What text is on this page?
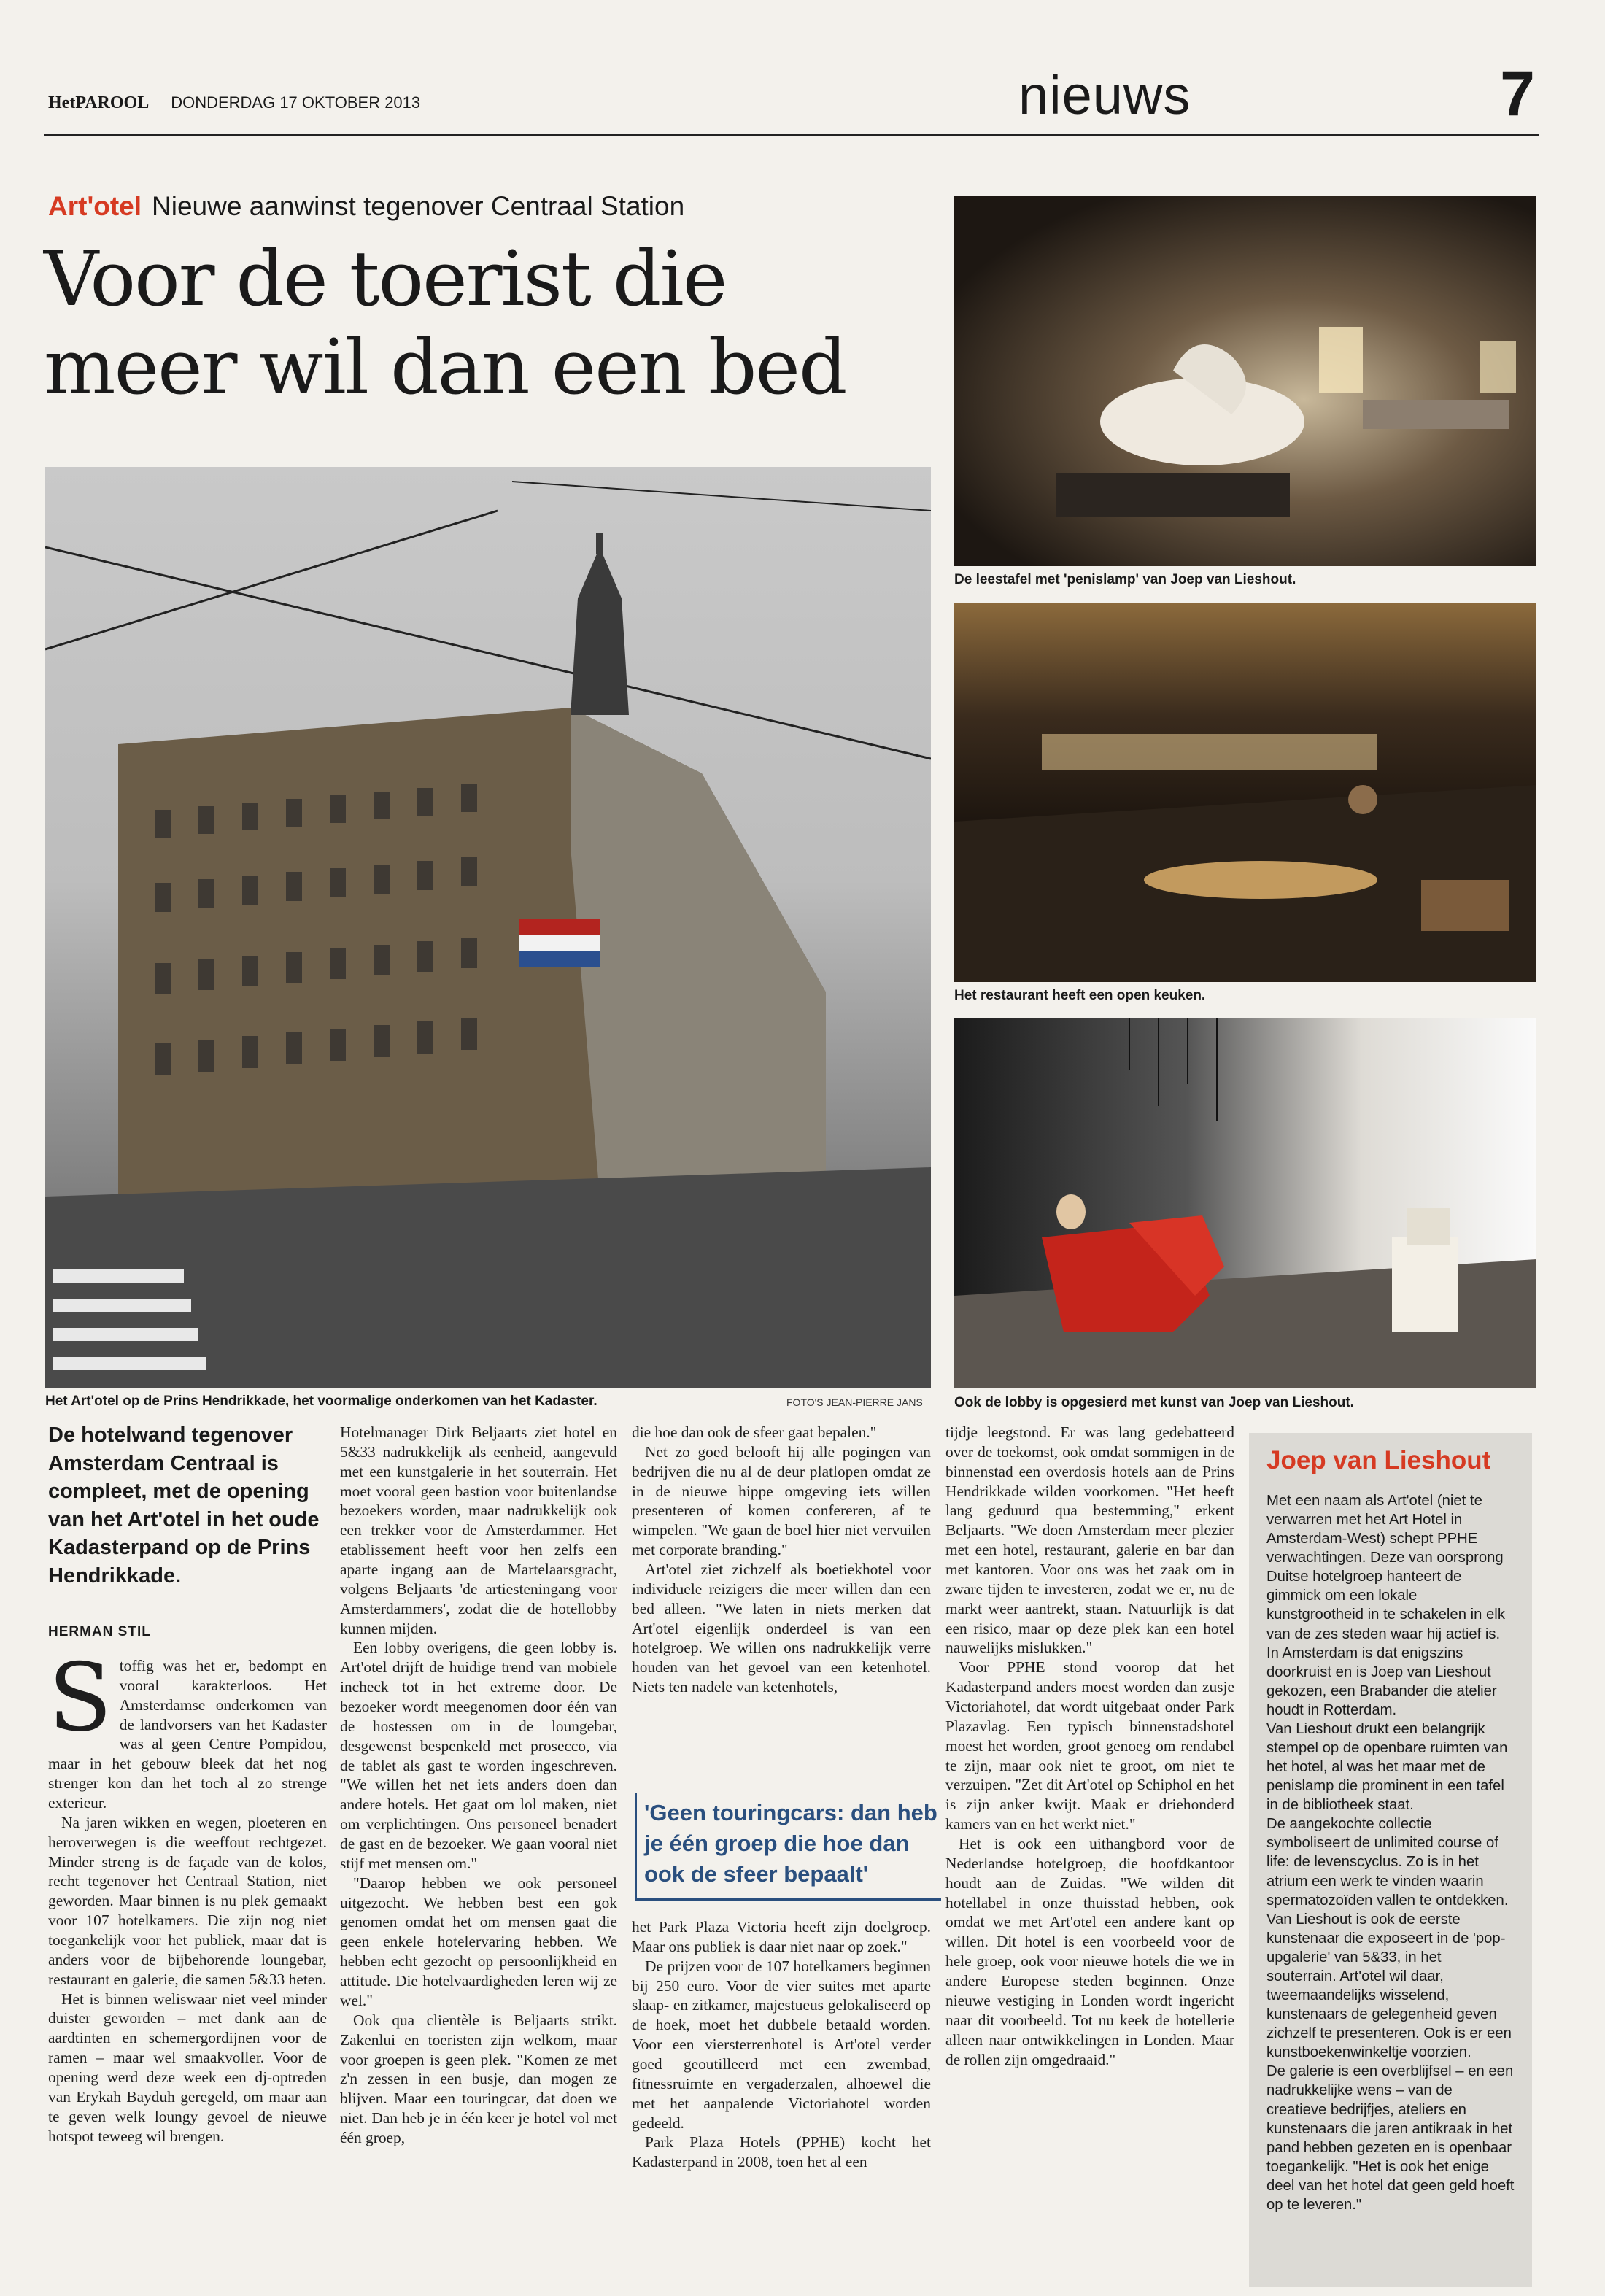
HetPAROOL DONDERDAG 17 OKTOBER 2013	nieuws	7
Art'otel Nieuwe aanwinst tegenover Centraal Station
Voor de toerist die
meer wil dan een bed
Het Art'otel op de Prins Hendrikkade, het voormalige onderkomen van het Kadaster.	FOTO'S JEAN-PIERRE JANS
De leestafel met 'penislamp' van Joep van Lieshout.
Het restaurant heeft een open keuken.
Ook de lobby is opgesierd met kunst van Joep van Lieshout.
De hotelwand tegenover Amsterdam Centraal is compleet, met de opening van het Art'otel in het oude Kadasterpand op de Prins Hendrikkade.
HERMAN STIL

Stoffig was het er, bedompt en vooral karakterloos. Het Amsterdamse onderkomen van de landvorsers van het Kadaster was al geen Centre Pompidou, maar in het gebouw bleek dat het nog strenger kon dan het toch al zo strenge exterieur.

Na jaren wikken en wegen, ploeteren en heroverwegen is die weeffout rechtgezet. Minder streng is de façade van de kolos, recht tegenover het Centraal Station, niet geworden. Maar binnen is nu plek gemaakt voor 107 hotelkamers. Die zijn nog niet toegankelijk voor het publiek, maar dat is anders voor de bijbehorende loungebar, restaurant en galerie, die samen 5&33 heten.

Het is binnen weliswaar niet veel minder duister geworden – met dank aan de aardtinten en schemergordijnen voor de ramen – maar wel smaakvoller. Voor de opening werd deze week een dj-optreden van Erykah Bayduh geregeld, om maar aan te geven welk loungy gevoel de nieuwe hotspot teweeg wil brengen.

Hotelmanager Dirk Beljaarts ziet hotel en 5&33 nadrukkelijk als eenheid, aangevuld met een kunstgalerie in het souterrain. Het moet vooral geen bastion voor buitenlandse bezoekers worden, maar nadrukkelijk ook een trekker voor de Amsterdammer. Het etablissement heeft voor hen zelfs een aparte ingang aan de Martelaarsgracht, volgens Beljaarts 'de artiesteningang voor Amsterdammers', zodat die de hotellobby kunnen mijden.

Een lobby overigens, die geen lobby is. Art'otel drijft de huidige trend van mobiele incheck tot in het extreme door. De bezoeker wordt meegenomen door één van de hostessen om in de loungebar, desgewenst bespenkeld met prosecco, via de tablet als gast te worden ingeschreven. "We willen het net iets anders doen dan andere hotels. Het gaat om lol maken, niet om verplichtingen. Ons personeel benadert de gast en de bezoeker. We gaan vooral niet stijf met mensen om."

"Daarop hebben we ook personeel uitgezocht. We hebben best een gok genomen omdat het om mensen gaat die geen enkele hotelervaring hebben. We hebben echt gezocht op persoonlijkheid en attitude. Die hotelvaardigheden leren wij ze wel."

Ook qua clientèle is Beljaarts strikt. Zakenlui en toeristen zijn welkom, maar voor groepen is geen plek. "Komen ze met z'n zessen in een busje, dan mogen ze blijven. Maar een touringcar, dat doen we niet. Dan heb je in één keer je hotel vol met één groep,

die hoe dan ook de sfeer gaat bepalen."

Net zo goed belooft hij alle pogingen van bedrijven die nu al de deur platlopen omdat ze in de nieuwe hippe omgeving iets willen presenteren of komen confereren, af te wimpelen. "We gaan de boel hier niet vervuilen met corporate branding."

Art'otel ziet zichzelf als boetiekhotel voor individuele reizigers die meer willen dan een bed alleen. "We laten in niets merken dat Art'otel eigenlijk onderdeel is van een hotelgroep. We willen ons nadrukkelijk verre houden van het gevoel van een ketenhotel. Niets ten nadele van ketenhotels,

'Geen touringcars: dan heb je één groep die hoe dan ook de sfeer bepaalt'

het Park Plaza Victoria heeft zijn doelgroep. Maar ons publiek is daar niet naar op zoek."

De prijzen voor de 107 hotelkamers beginnen bij 250 euro. Voor de vier suites met aparte slaap- en zitkamer, majestueus gelokaliseerd op de hoek, moet het dubbele betaald worden. Voor een viersterrenhotel is Art'otel verder goed geoutilleerd met een zwembad, fitnessruimte en vergaderzalen, alhoewel die met het aanpalende Victoriahotel worden gedeeld.

Park Plaza Hotels (PPHE) kocht het Kadasterpand in 2008, toen het al een

tijdje leegstond. Er was lang gedebatteerd over de toekomst, ook omdat sommigen in de binnenstad een overdosis hotels aan de Prins Hendrikkade wilden voorkomen. "Het heeft lang geduurd qua bestemming," erkent Beljaarts. "We doen Amsterdam meer plezier met een hotel, restaurant, galerie en bar dan met kantoren. Voor ons was het zaak om in zware tijden te investeren, zodat we er, nu de markt weer aantrekt, staan. Natuurlijk is dat een risico, maar op deze plek kan een hotel nauwelijks mislukken."

Voor PPHE stond voorop dat het Kadasterpand anders moest worden dan zusje Victoriahotel, dat wordt uitgebaat onder Park Plazavlag. Een typisch binnenstadshotel moest het worden, groot genoeg om rendabel te zijn, maar ook niet te groot, om niet te verzuipen. "Zet dit Art'otel op Schiphol en het is zijn anker kwijt. Maak er driehonderd kamers van en het werkt niet."

Het is ook een uithangbord voor de Nederlandse hotelgroep, die hoofdkantoor houdt aan de Zuidas. "We wilden dit hotellabel in onze thuisstad hebben, ook omdat we met Art'otel een andere kant op willen. Dit hotel is een voorbeeld voor de hele groep, ook voor nieuwe hotels die we in andere Europese steden beginnen. Onze nieuwe vestiging in Londen wordt ingericht naar dit voorbeeld. Tot nu keek de hotellerie alleen naar ontwikkelingen in Londen. Maar de rollen zijn omgedraaid."

Joep van Lieshout

Met een naam als Art'otel (niet te verwarren met het Art Hotel in Amsterdam-West) schept PPHE verwachtingen. Deze van oorsprong Duitse hotelgroep hanteert de gimmick om een lokale kunstgrootheid in te schakelen in elk van de zes steden waar hij actief is. In Amsterdam is dat enigszins doorkruist en is Joep van Lieshout gekozen, een Brabander die atelier houdt in Rotterdam.

Van Lieshout drukt een belangrijk stempel op de openbare ruimten van het hotel, al was het maar met de penislamp die prominent in een tafel in de bibliotheek staat.

De aangekochte collectie symboliseert de unlimited course of life: de levenscyclus. Zo is in het atrium een werk te vinden waarin spermatozoïden vallen te ontdekken.

Van Lieshout is ook de eerste kunstenaar die exposeert in de 'pop-upgalerie' van 5&33, in het souterrain. Art'otel wil daar, tweemaandelijks wisselend, kunstenaars de gelegenheid geven zichzelf te presenteren. Ook is er een kunstboekenwinkeltje voorzien.

De galerie is een overblijfsel – en een nadrukkelijke wens – van de creatieve bedrijfjes, ateliers en kunstenaars die jaren antikraak in het pand hebben gezeten en is openbaar toegankelijk. "Het is ook het enige deel van het hotel dat geen geld hoeft op te leveren."
